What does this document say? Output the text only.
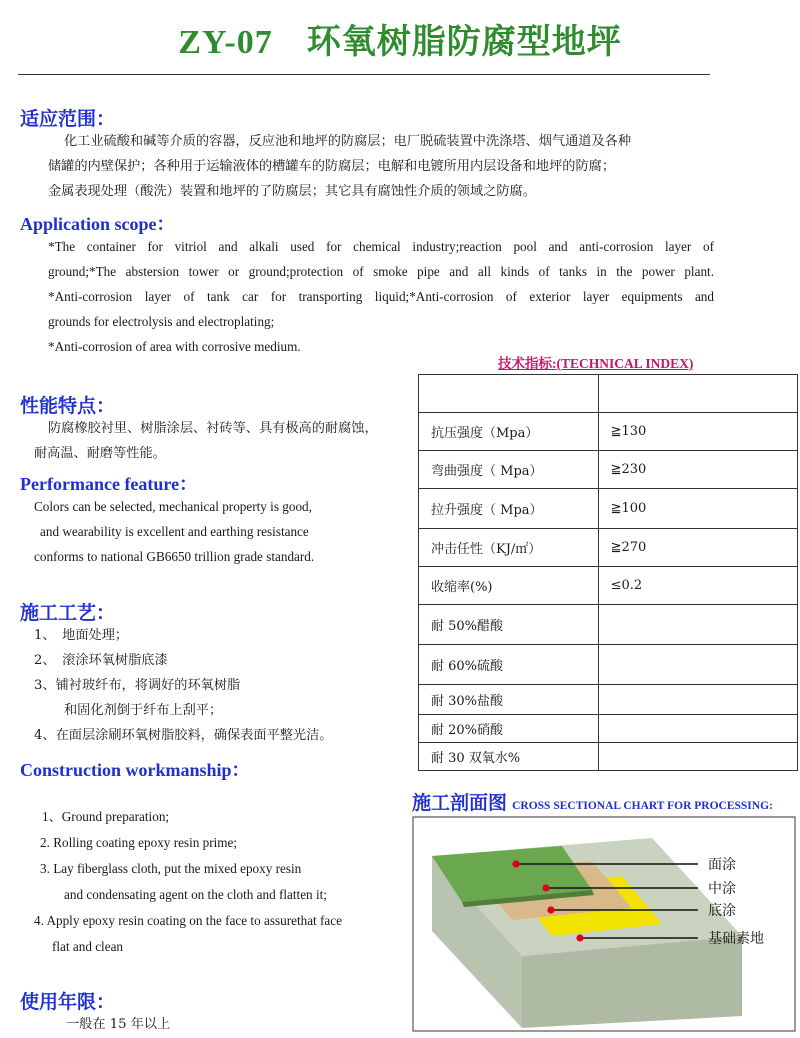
ZY-07 环氧树脂防腐型地坪
适应范围：

化工业硫酸和碱等介质的容器，反应池和地坪的防腐层；电厂脱硫装置中洗涤塔、烟气通道及各种

储罐的内壁保护；各种用于运输液体的槽罐车的防腐层；电解和电镀所用内层设备和地坪的防腐；

金属表现处理（酸洗）装置和地坪的了防腐层；其它具有腐蚀性介质的领域之防腐。

Application scope：

*The container for vitriol and alkali used for chemical industry;reaction pool and anti-corrosion layer of

ground;*The abstersion tower or ground;protection of smoke pipe and all kinds of tanks in the power plant.

*Anti-corrosion layer of tank car for transporting liquid;*Anti-corrosion of exterior layer equipments and

grounds for electrolysis and electroplating;

*Anti-corrosion of area with corrosive medium.

技术指标:(TECHNICAL INDEX)

抗压强度（Mpa）	≧130
弯曲强度（ Mpa）	≧230
拉升强度（ Mpa）	≧100
冲击任性（KJ/㎡）	≧270
收缩率(%)	≤0.2
耐 50%醋酸	
耐 60%硫酸	
耐 30%盐酸	
耐 20%硝酸	
耐 30 双氧水%	
性能特点：

防腐橡胶衬里、树脂涂层、衬砖等、具有极高的耐腐蚀，

耐高温、耐磨等性能。

Performance feature：

Colors can be selected, mechanical property is good,

and wearability is excellent and earthing resistance

conforms to national GB6650 trillion grade standard.

施工工艺：

1、　地面处理；

2、　滚涂环氧树脂底漆

3、铺衬玻纤布，将调好的环氧树脂

和固化剂倒于纤布上刮平；

4、在面层涂刷环氧树脂胶料，确保表面平整光洁。

Construction workmanship：

1、Ground preparation;

2. Rolling coating epoxy resin prime;

3. Lay fiberglass cloth, put the mixed epoxy resin

and condensating agent on the cloth and flatten it;

4. Apply epoxy resin coating on the face to assurethat face

flat and clean

使用年限：

一般在 15 年以上

施工剖面图 CROSS SECTIONAL CHART FOR PROCESSING:
面涂
中涂
底涂
基础素地
